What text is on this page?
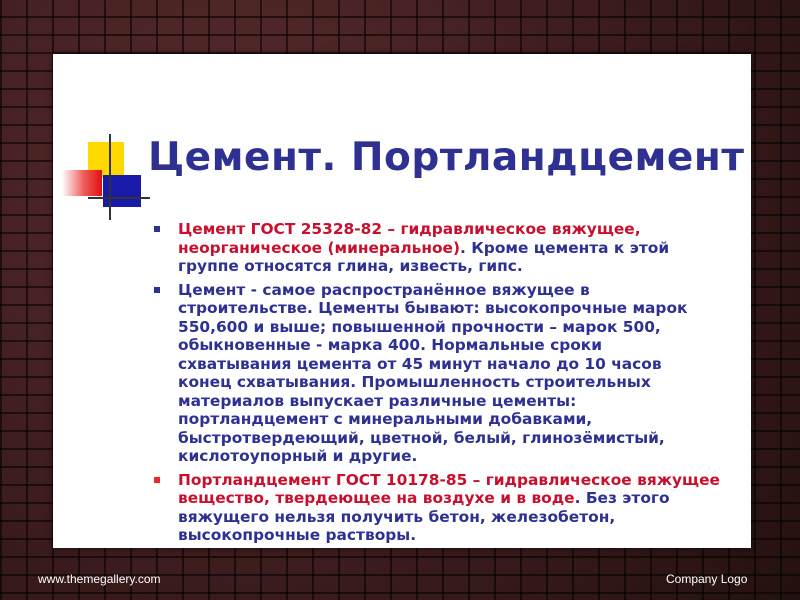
Цемент. Портландцемент
Цемент ГОСТ 25328-82 – гидравлическое вяжущее, неорганическое (минеральное). Кроме цемента к этой группе относятся глина, известь, гипс.
Цемент - самое распространённое вяжущее в строительстве. Цементы бывают: высокопрочные марок 550,600 и выше; повышенной прочности – марок 500, обыкновенные - марка 400. Нормальные сроки схватывания цемента от 45 минут начало до 10 часов конец схватывания. Промышленность строительных материалов выпускает различные цементы: портландцемент с минеральными добавками, быстротвердеющий, цветной, белый, глинозёмистый, кислотоупорный и другие.
Портландцемент ГОСТ 10178-85 – гидравлическое вяжущее вещество, твердеющее на воздухе и в воде. Без этого вяжущего нельзя получить бетон, железобетон, высокопрочные растворы.
www.themegallery.com	Company Logo
